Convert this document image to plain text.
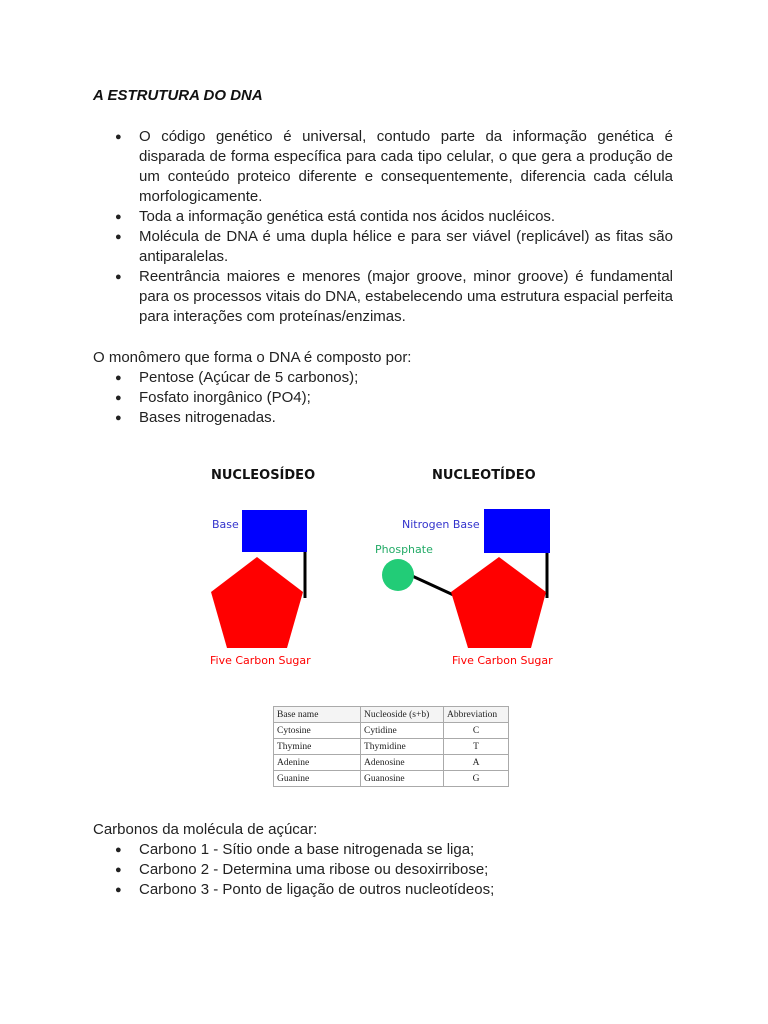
A ESTRUTURA DO DNA
● O código genético é universal, contudo parte da informação genética é disparada de forma específica para cada tipo celular, o que gera a produção de um conteúdo proteico diferente e consequentemente, diferencia cada célula morfologicamente.
● Toda a informação genética está contida nos ácidos nucléicos.
● Molécula de DNA é uma dupla hélice e para ser viável (replicável) as fitas são antiparalelas.
● Reentrância maiores e menores (major groove, minor groove) é fundamental para os processos vitais do DNA, estabelecendo uma estrutura espacial perfeita para interações com proteínas/enzimas.
O monômero que forma o DNA é composto por:
● Pentose (Açúcar de 5 carbonos);
● Fosfato inorgânico (PO4);
● Bases nitrogenadas.
NUCLEOSÍDEO	NUCLEOTÍDEO
Base	Nitrogen Base
Phosphate
Five Carbon Sugar	Five Carbon Sugar
Base name	Nucleoside (s+b)	Abbreviation
Cytosine	Cytidine	C
Thymine	Thymidine	T
Adenine	Adenosine	A
Guanine	Guanosine	G
Carbonos da molécula de açúcar:
● Carbono 1 - Sítio onde a base nitrogenada se liga;
● Carbono 2 - Determina uma ribose ou desoxirribose;
● Carbono 3 - Ponto de ligação de outros nucleotídeos;
